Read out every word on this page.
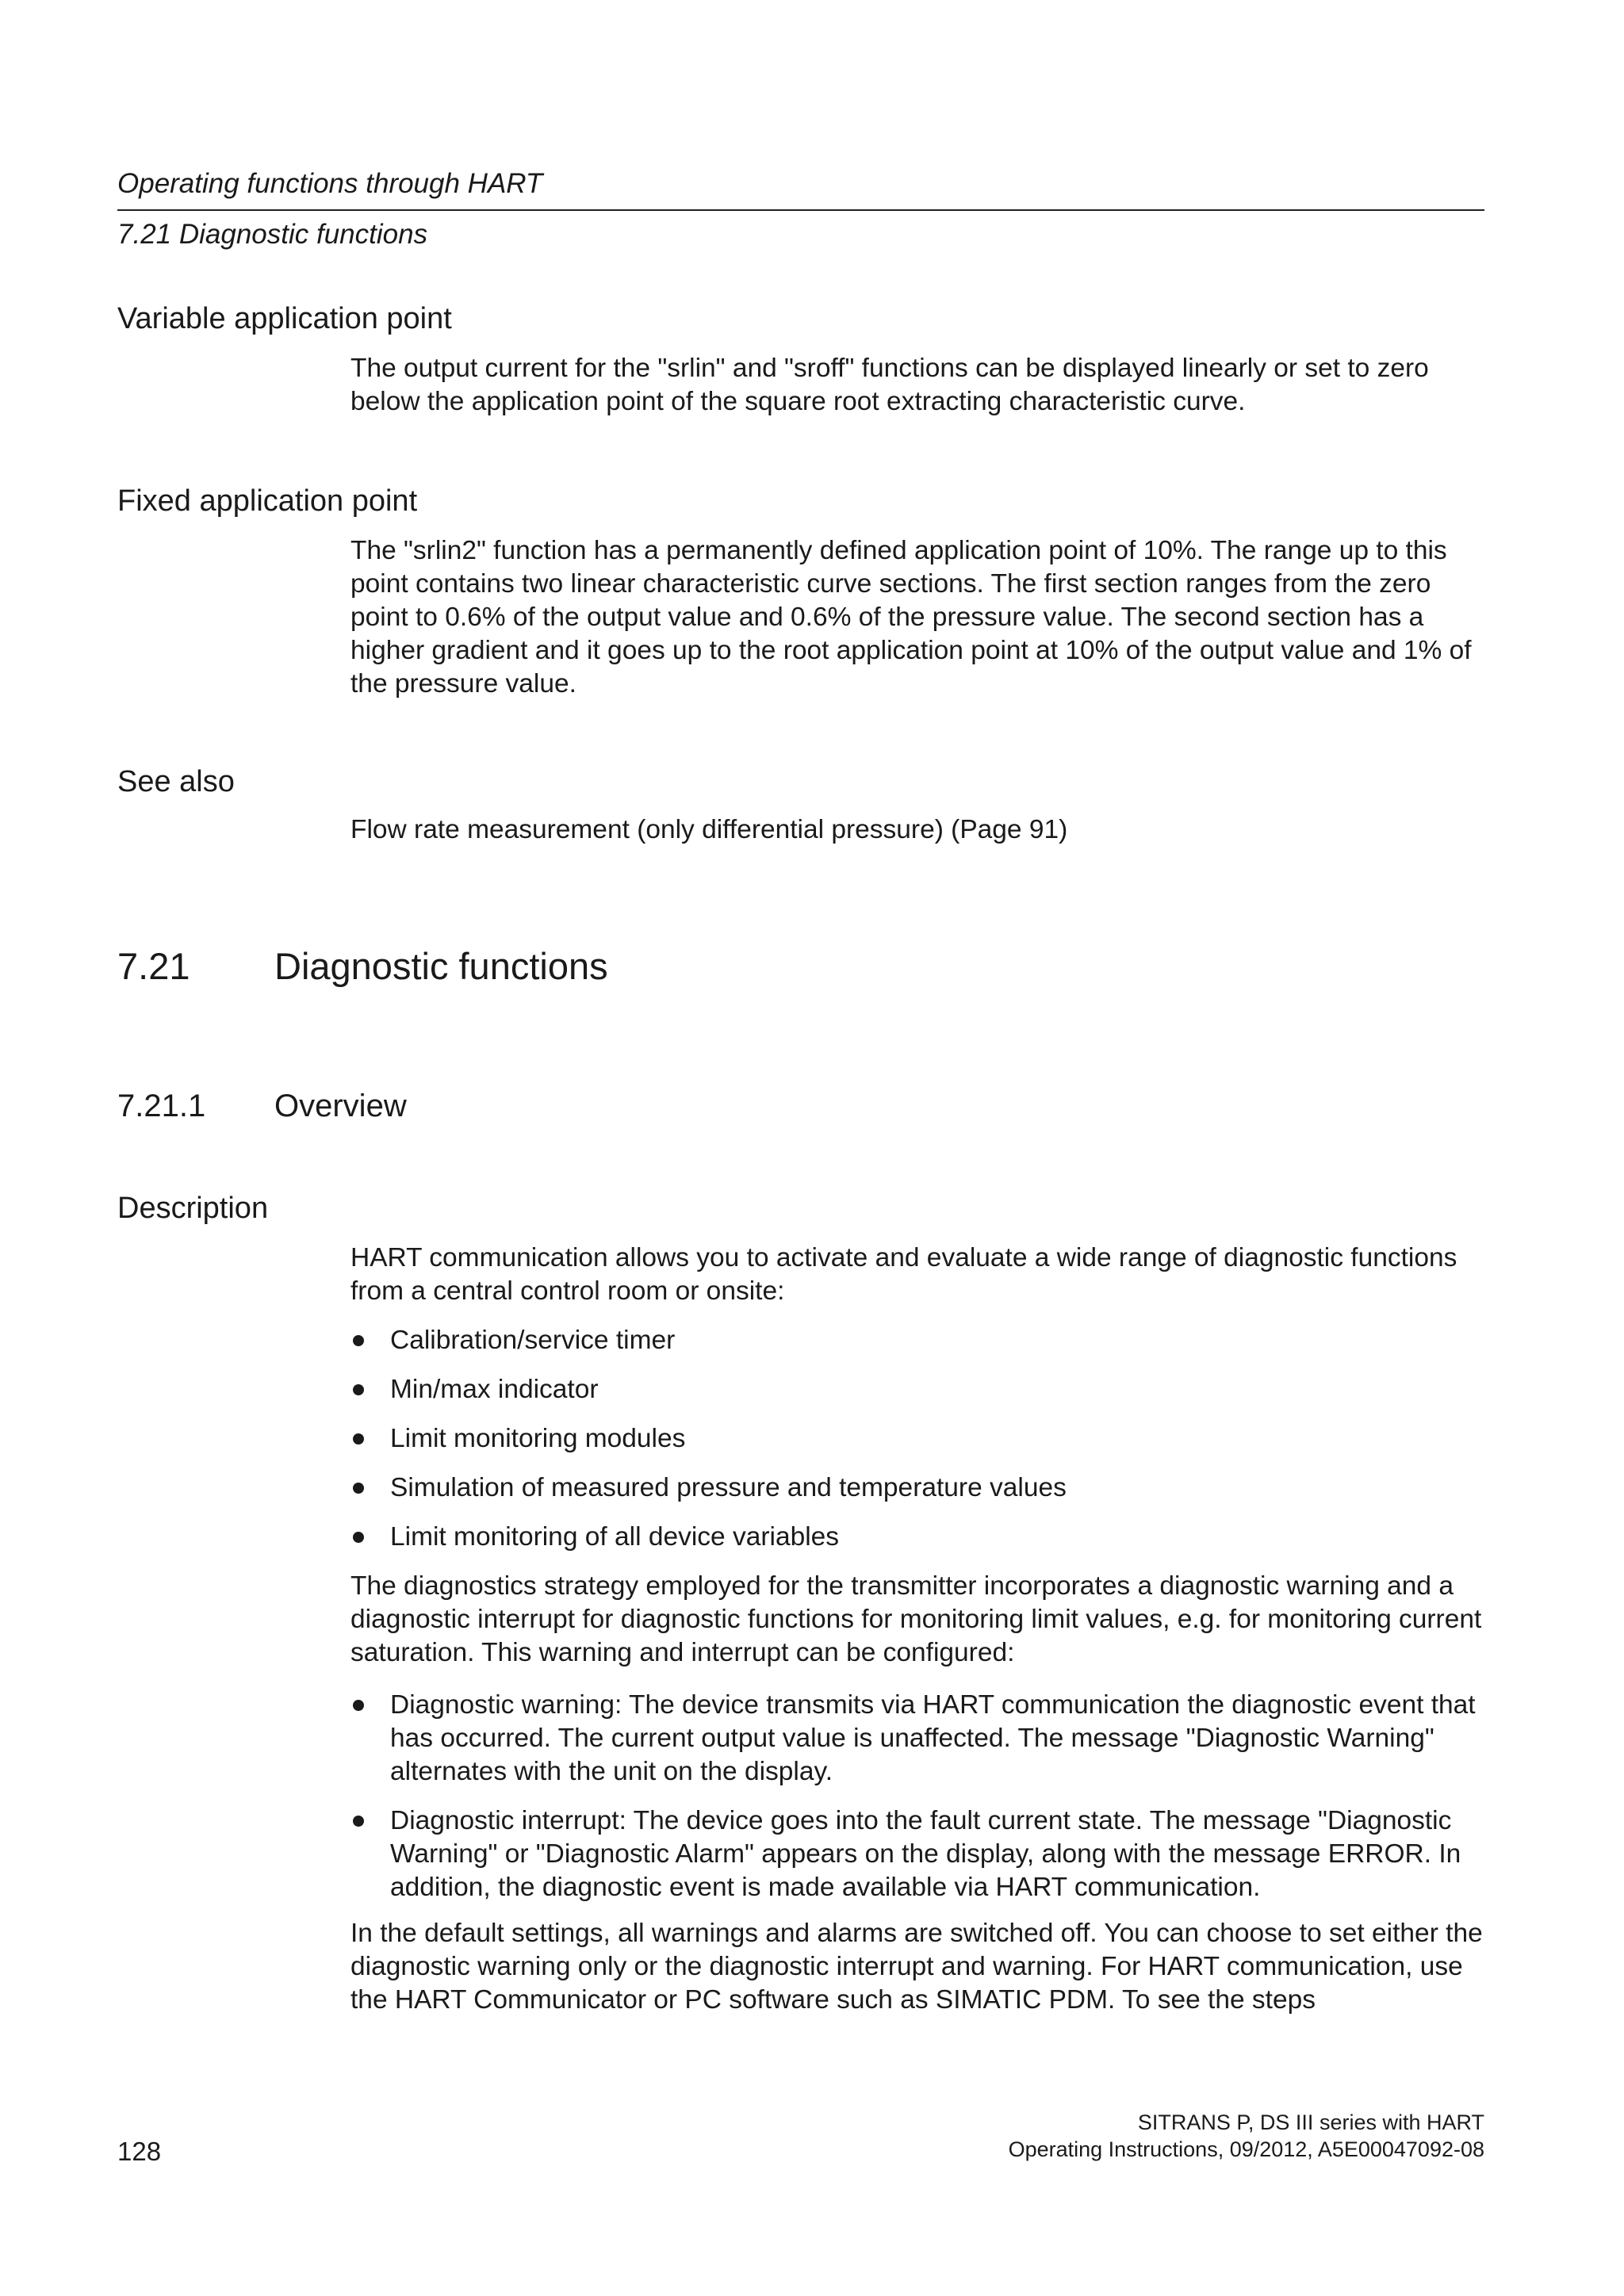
Operating functions through HART
7.21 Diagnostic functions
Variable application point

The output current for the "srlin" and "sroff" functions can be displayed linearly or set to zero below the application point of the square root extracting characteristic curve.

Fixed application point

The "srlin2" function has a permanently defined application point of 10%. The range up to this point contains two linear characteristic curve sections. The first section ranges from the zero point to 0.6% of the output value and 0.6% of the pressure value. The second section has a higher gradient and it goes up to the root application point at 10% of the output value and 1% of the pressure value.

See also

Flow rate measurement (only differential pressure) (Page 91)

7.21	Diagnostic functions
7.21.1	Overview
Description

HART communication allows you to activate and evaluate a wide range of diagnostic functions from a central control room or onsite:

Calibration/service timer
Min/max indicator
Limit monitoring modules
Simulation of measured pressure and temperature values
Limit monitoring of all device variables

The diagnostics strategy employed for the transmitter incorporates a diagnostic warning and a diagnostic interrupt for diagnostic functions for monitoring limit values, e.g. for monitoring current saturation. This warning and interrupt can be configured:

Diagnostic warning: The device transmits via HART communication the diagnostic event that has occurred. The current output value is unaffected. The message "Diagnostic Warning" alternates with the unit on the display.
Diagnostic interrupt: The device goes into the fault current state. The message "Diagnostic Warning" or "Diagnostic Alarm" appears on the display, along with the message ERROR. In addition, the diagnostic event is made available via HART communication.

In the default settings, all warnings and alarms are switched off. You can choose to set either the diagnostic warning only or the diagnostic interrupt and warning. For HART communication, use the HART Communicator or PC software such as SIMATIC PDM. To see the steps

128
SITRANS P, DS III series with HART
Operating Instructions, 09/2012, A5E00047092-08
